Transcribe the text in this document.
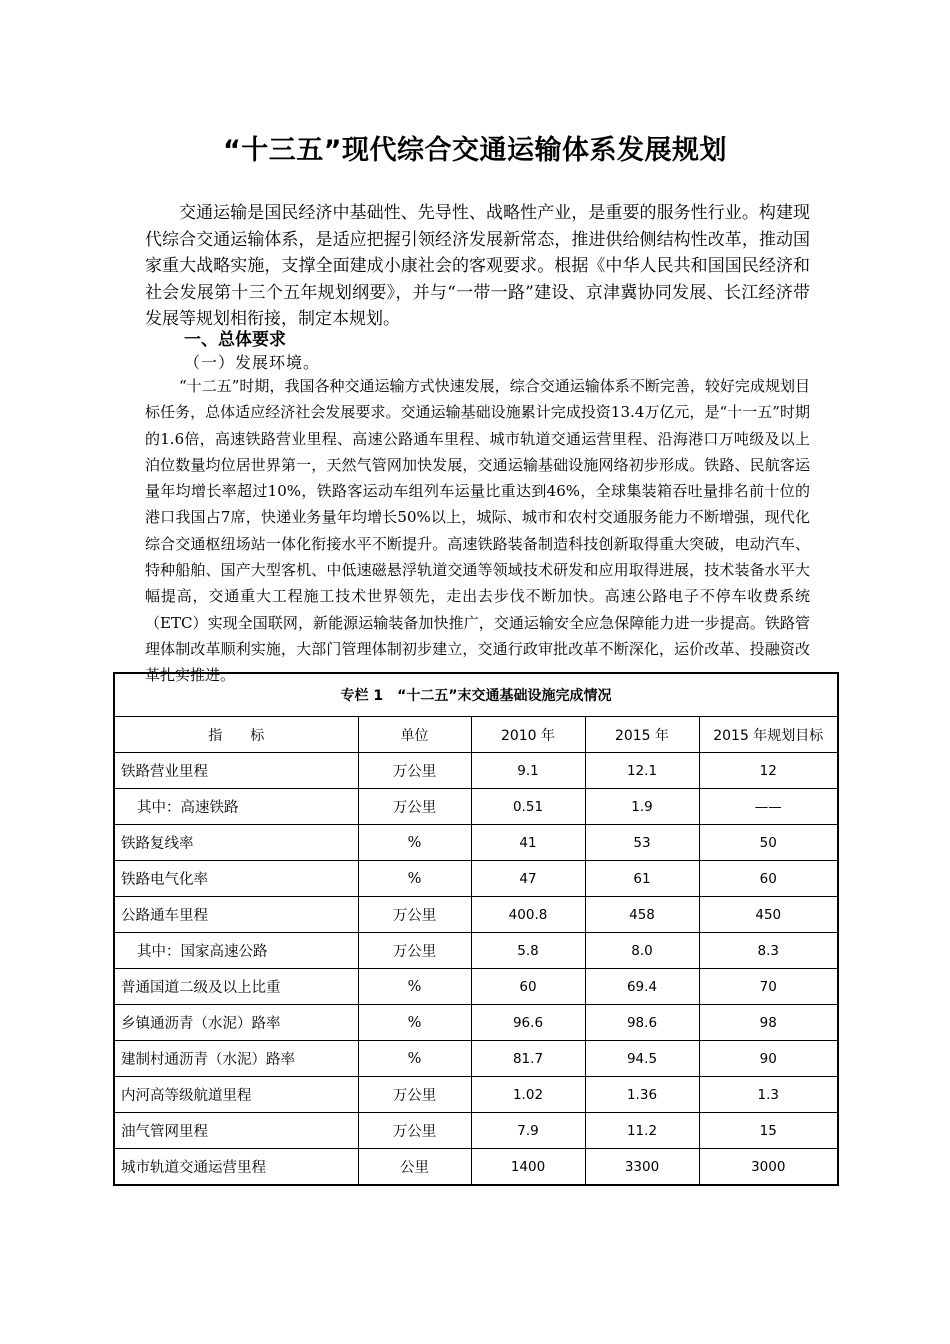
“十三五”现代综合交通运输体系发展规划

交通运输是国民经济中基础性、先导性、战略性产业，是重要的服务性行业。构建现代综合交通运输体系，是适应把握引领经济发展新常态，推进供给侧结构性改革，推动国家重大战略实施，支撑全面建成小康社会的客观要求。根据《中华人民共和国国民经济和社会发展第十三个五年规划纲要》，并与“一带一路”建设、京津冀协同发展、长江经济带发展等规划相衔接，制定本规划。

一、总体要求
（一）发展环境。

“十二五”时期，我国各种交通运输方式快速发展，综合交通运输体系不断完善，较好完成规划目标任务，总体适应经济社会发展要求。交通运输基础设施累计完成投资13.4万亿元，是“十一五”时期的1.6倍，高速铁路营业里程、高速公路通车里程、城市轨道交通运营里程、沿海港口万吨级及以上泊位数量均位居世界第一，天然气管网加快发展，交通运输基础设施网络初步形成。铁路、民航客运量年均增长率超过10%，铁路客运动车组列车运量比重达到46%，全球集装箱吞吐量排名前十位的港口我国占7席，快递业务量年均增长50%以上，城际、城市和农村交通服务能力不断增强，现代化综合交通枢纽场站一体化衔接水平不断提升。高速铁路装备制造科技创新取得重大突破，电动汽车、特种船舶、国产大型客机、中低速磁悬浮轨道交通等领域技术研发和应用取得进展，技术装备水平大幅提高，交通重大工程施工技术世界领先，走出去步伐不断加快。高速公路电子不停车收费系统（ETC）实现全国联网，新能源运输装备加快推广，交通运输安全应急保障能力进一步提高。铁路管理体制改革顺利实施，大部门管理体制初步建立，交通行政审批改革不断深化，运价改革、投融资改革扎实推进。

专栏 1　“十二五”末交通基础设施完成情况				
指　　标	单位	2010 年	2015 年	2015 年规划目标
铁路营业里程	万公里	9.1	12.1	12
其中：高速铁路	万公里	0.51	1.9	——
铁路复线率	%	41	53	50
铁路电气化率	%	47	61	60
公路通车里程	万公里	400.8	458	450
其中：国家高速公路	万公里	5.8	8.0	8.3
普通国道二级及以上比重	%	60	69.4	70
乡镇通沥青（水泥）路率	%	96.6	98.6	98
建制村通沥青（水泥）路率	%	81.7	94.5	90
内河高等级航道里程	万公里	1.02	1.36	1.3
油气管网里程	万公里	7.9	11.2	15
城市轨道交通运营里程	公里	1400	3300	3000
